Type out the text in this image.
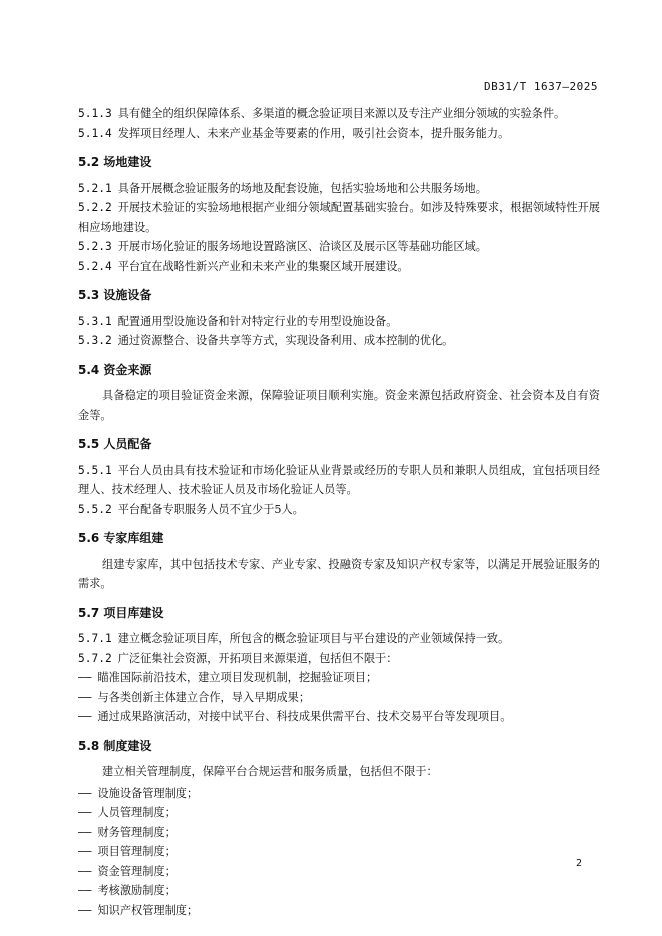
DB31/T 1637—2025

5.1.3 具有健全的组织保障体系、多渠道的概念验证项目来源以及专注产业细分领域的实验条件。

5.1.4 发挥项目经理人、未来产业基金等要素的作用，吸引社会资本，提升服务能力。

5.2 场地建设

5.2.1 具备开展概念验证服务的场地及配套设施，包括实验场地和公共服务场地。

5.2.2 开展技术验证的实验场地根据产业细分领域配置基础实验台。如涉及特殊要求，根据领域特性开展相应场地建设。

5.2.3 开展市场化验证的服务场地设置路演区、洽谈区及展示区等基础功能区域。

5.2.4 平台宜在战略性新兴产业和未来产业的集聚区域开展建设。

5.3 设施设备

5.3.1 配置通用型设施设备和针对特定行业的专用型设施设备。

5.3.2 通过资源整合、设备共享等方式，实现设备利用、成本控制的优化。

5.4 资金来源

具备稳定的项目验证资金来源，保障验证项目顺利实施。资金来源包括政府资金、社会资本及自有资金等。

5.5 人员配备

5.5.1 平台人员由具有技术验证和市场化验证从业背景或经历的专职人员和兼职人员组成，宜包括项目经理人、技术经理人、技术验证人员及市场化验证人员等。

5.5.2 平台配备专职服务人员不宜少于5人。

5.6 专家库组建

组建专家库，其中包括技术专家、产业专家、投融资专家及知识产权专家等，以满足开展验证服务的需求。

5.7 项目库建设

5.7.1 建立概念验证项目库，所包含的概念验证项目与平台建设的产业领域保持一致。

5.7.2 广泛征集社会资源，开拓项目来源渠道，包括但不限于：

—— 瞄准国际前沿技术，建立项目发现机制，挖掘验证项目；

—— 与各类创新主体建立合作，导入早期成果；

—— 通过成果路演活动，对接中试平台、科技成果供需平台、技术交易平台等发现项目。

5.8 制度建设

建立相关管理制度，保障平台合规运营和服务质量，包括但不限于：

—— 设施设备管理制度；

—— 人员管理制度；

—— 财务管理制度；

—— 项目管理制度；

—— 资金管理制度；

—— 考核激励制度；

—— 知识产权管理制度；

2
